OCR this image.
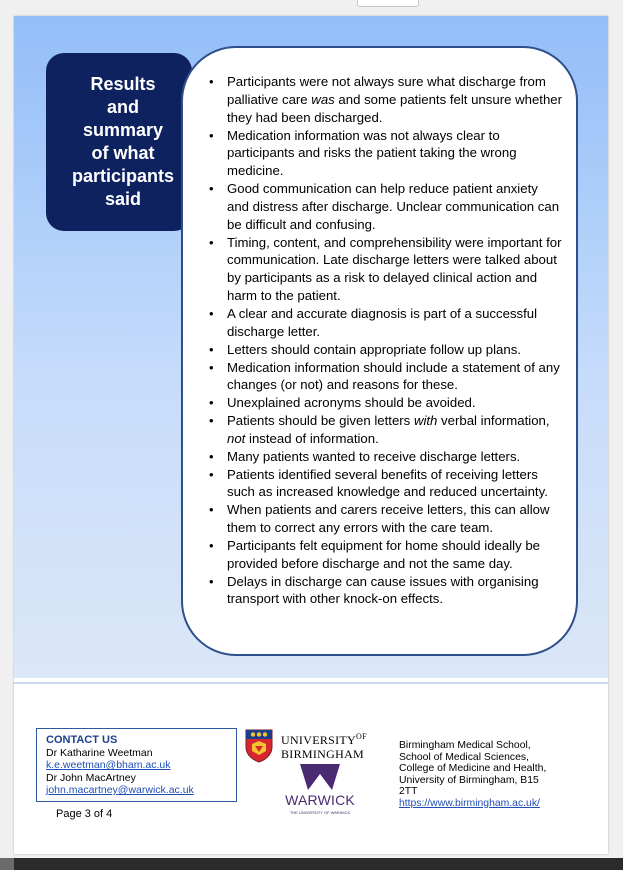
Results
and
summary
of what
participants
said
• Participants were not always sure what discharge from palliative care was and some patients felt unsure whether they had been discharged.
• Medication information was not always clear to participants and risks the patient taking the wrong medicine.
• Good communication can help reduce patient anxiety and distress after discharge. Unclear communication can be difficult and confusing.
• Timing, content, and comprehensibility were important for communication. Late discharge letters were talked about by participants as a risk to delayed clinical action and harm to the patient.
• A clear and accurate diagnosis is part of a successful discharge letter.
• Letters should contain appropriate follow up plans.
• Medication information should include a statement of any changes (or not) and reasons for these.
• Unexplained acronyms should be avoided.
• Patients should be given letters with verbal information, not instead of information.
• Many patients wanted to receive discharge letters.
• Patients identified several benefits of receiving letters such as increased knowledge and reduced uncertainty.
• When patients and carers receive letters, this can allow them to correct any errors with the care team.
• Participants felt equipment for home should ideally be provided before discharge and not the same day.
• Delays in discharge can cause issues with organising transport with other knock-on effects.
CONTACT US
Dr Katharine Weetman
k.e.weetman@bham.ac.uk
Dr John MacArtney
john.macartney@warwick.ac.uk
Page 3 of 4
$UNIVERSITY^{OF}$
BIRMINGHAM
WARWICK
THE UNIVERSITY OF WARWICK
Birmingham Medical School,
School of Medical Sciences,
College of Medicine and Health,
University of Birmingham, B15
2TT
https://www.birmingham.ac.uk/
